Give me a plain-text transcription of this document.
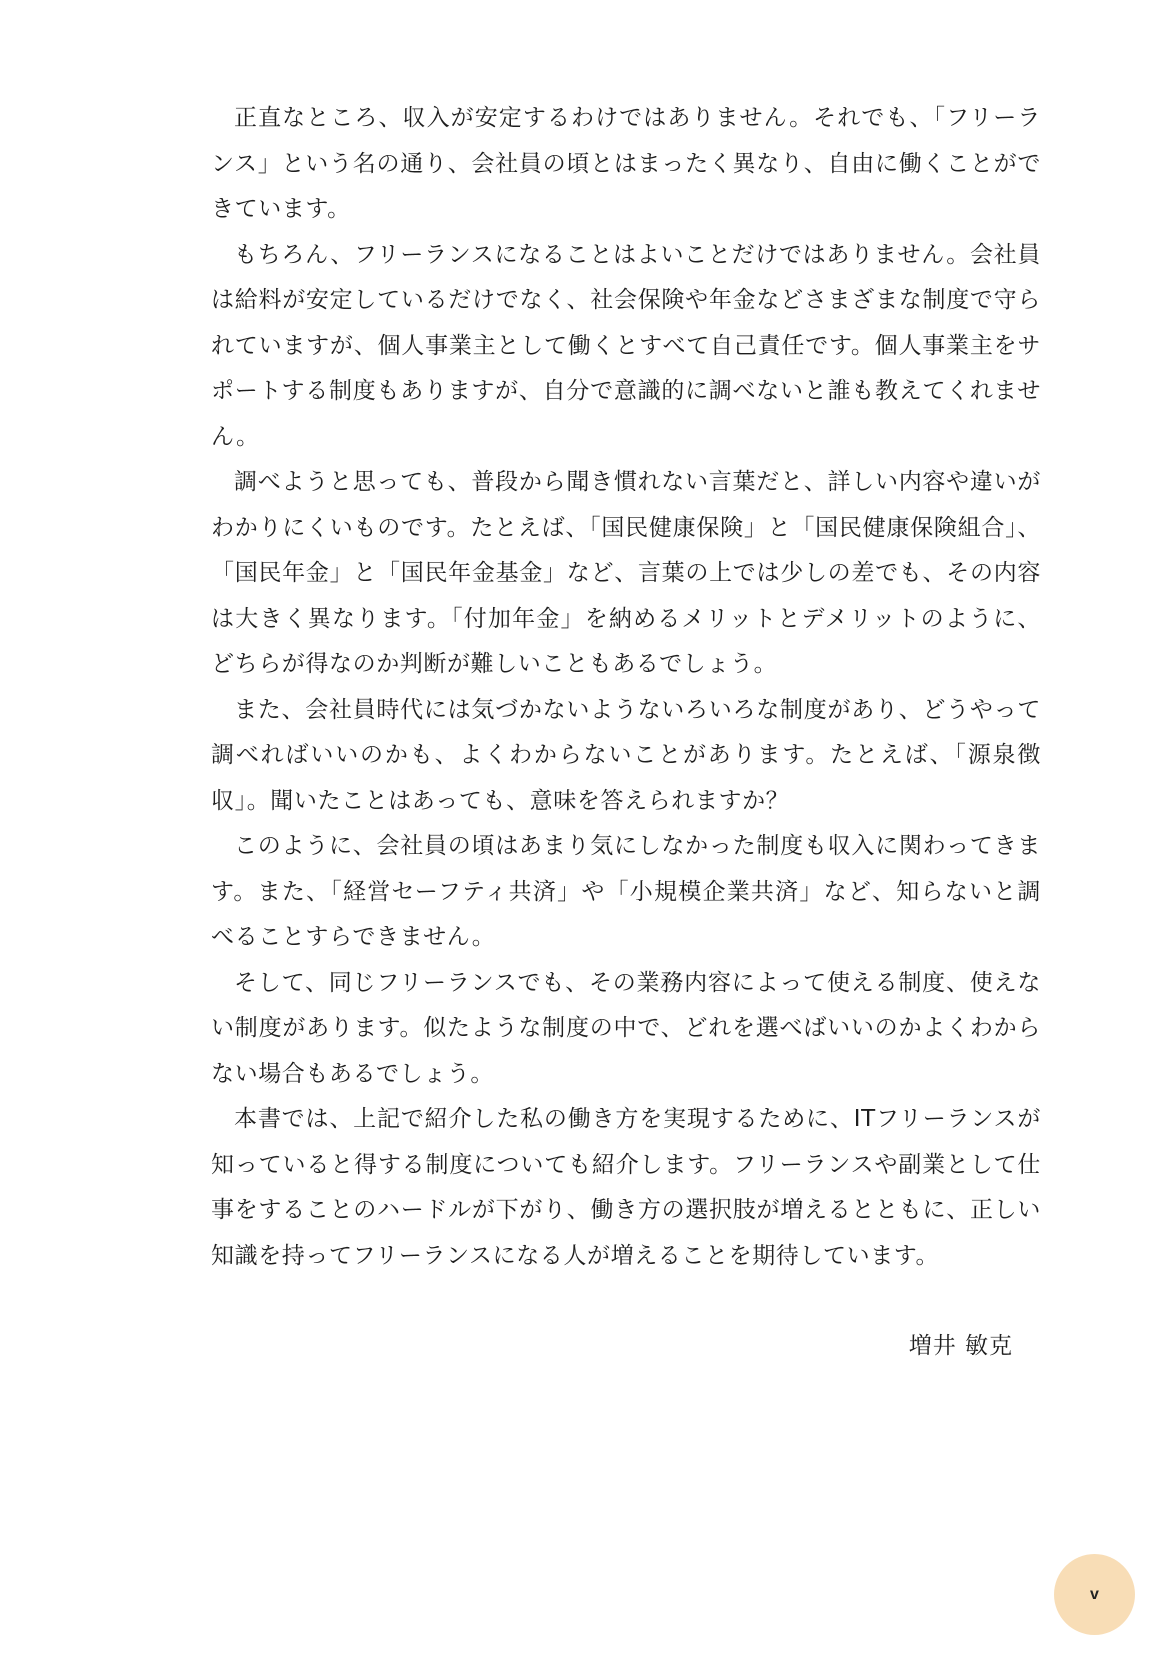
正直なところ、収入が安定するわけではありません。それでも、「フリーランス」という名の通り、会社員の頃とはまったく異なり、自由に働くことができています。

もちろん、フリーランスになることはよいことだけではありません。会社員は給料が安定しているだけでなく、社会保険や年金などさまざまな制度で守られていますが、個人事業主として働くとすべて自己責任です。個人事業主をサポートする制度もありますが、自分で意識的に調べないと誰も教えてくれません。

調べようと思っても、普段から聞き慣れない言葉だと、詳しい内容や違いがわかりにくいものです。たとえば、「国民健康保険」と「国民健康保険組合」、「国民年金」と「国民年金基金」など、言葉の上では少しの差でも、その内容は大きく異なります。「付加年金」を納めるメリットとデメリットのように、どちらが得なのか判断が難しいこともあるでしょう。

また、会社員時代には気づかないようないろいろな制度があり、どうやって調べればいいのかも、よくわからないことがあります。たとえば、「源泉徴収」。聞いたことはあっても、意味を答えられますか？

このように、会社員の頃はあまり気にしなかった制度も収入に関わってきます。また、「経営セーフティ共済」や「小規模企業共済」など、知らないと調べることすらできません。

そして、同じフリーランスでも、その業務内容によって使える制度、使えない制度があります。似たような制度の中で、どれを選べばいいのかよくわからない場合もあるでしょう。

本書では、上記で紹介した私の働き方を実現するために、ITフリーランスが知っていると得する制度についても紹介します。フリーランスや副業として仕事をすることのハードルが下がり、働き方の選択肢が増えるとともに、正しい知識を持ってフリーランスになる人が増えることを期待しています。

増井 敏克
v
